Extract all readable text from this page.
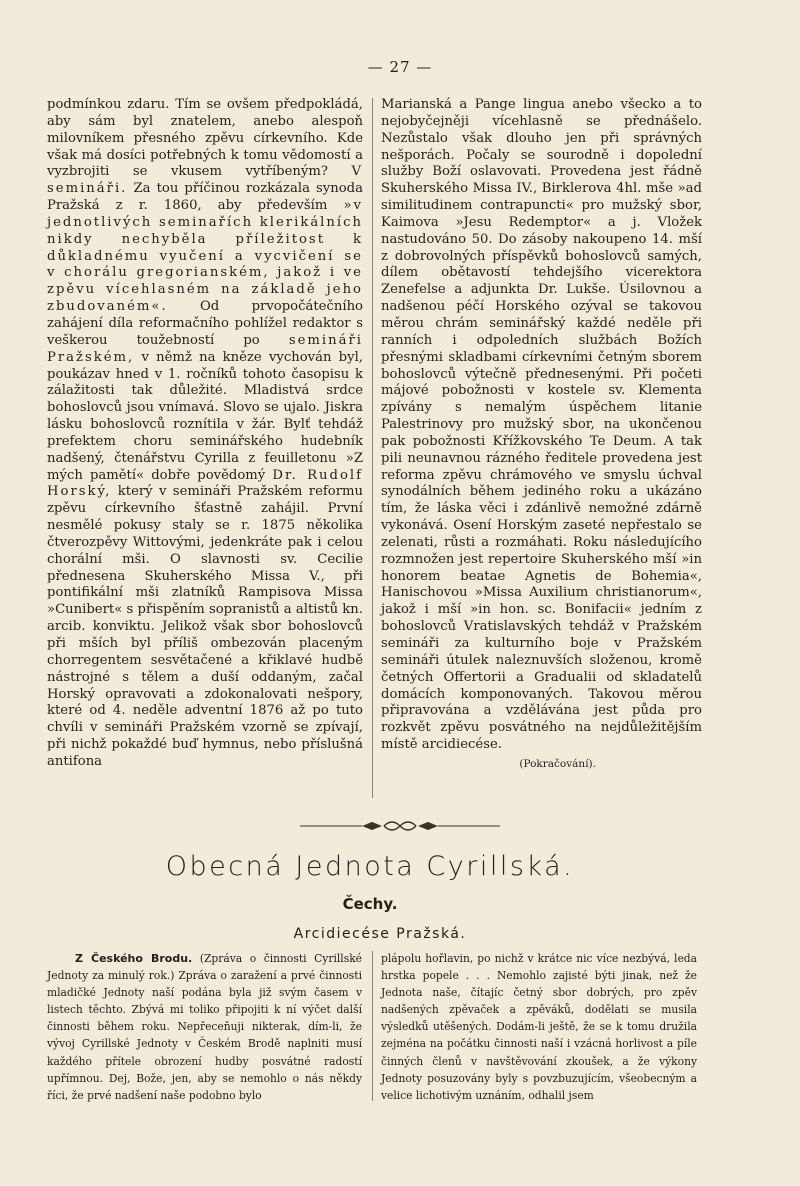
— 27 —

podmínkou zdaru. Tím se ovšem předpokládá, aby sám byl znatelem, anebo alespoň milovníkem přesného zpěvu církevního. Kde však má dosíci potřebných k tomu vědomostí a vyzbrojiti se vkusem vytříbeným? V semináři. Za tou příčinou rozkázala synoda Pražská z r. 1860, aby především »v jednotlivých seminařích klerikálních nikdy nechyběla příležitost k důkladnému vyučení a vycvičení se v chorálu gregorianském, jakož i ve zpěvu vícehlasném na základě jeho zbudovaném«. Od prvopočátečního zahájení díla reformačního pohlížel redaktor s veškerou toužebností po semináři Pražském, v němž na kněze vychován byl, poukázav hned v 1. ročníků tohoto časopisu k zálažitosti tak důležité. Mladistvá srdce bohoslovců jsou vnímavá. Slovo se ujalo. Jiskra lásku bohoslovců roznítila v žár. Bylť tehdáž prefektem choru seminářského hudebník nadšený, čtenářstvu Cyrilla z feuilletonu »Z mých pamětí« dobře povědomý Dr. Rudolf Horský, který v semináři Pražském reformu zpěvu církevního šťastně zahájil. První nesmělé pokusy staly se r. 1875 několika čtverozpěvy Wittovými, jedenkráte pak i celou chorální mši. O slavnosti sv. Cecilie přednesena Skuherského Missa V., při pontifikální mši zlatníků Rampisova Missa »Cunibert« s přispěním sopranistů a altistů kn. arcib. konviktu. Jelikož však sbor bohoslovců při mších byl příliš ombezován placeným chorregentem sesvětačené a křiklavé hudbě nástrojné s tělem a duší oddaným, začal Horský opravovati a zdokonalovati nešpory, které od 4. neděle adventní 1876 až po tuto chvíli v semináři Pražském vzorně se zpívají, při nichž pokaždé buď hymnus, nebo příslušná antifona

Marianská a Pange lingua anebo všecko a to nejobyčejněji vícehlasně se přednášelo. Nezůstalo však dlouho jen při správných nešporách. Počaly se sourodně i dopolední služby Boží oslavovati. Provedena jest řádně Skuherského Missa IV., Birklerova 4hl. mše »ad similitudinem contrapuncti« pro mužský sbor, Kaimova »Jesu Redemptor« a j. Vložek nastudováno 50. Do zásoby nakoupeno 14. mší z dobrovolných příspěvků bohoslovců samých, dílem obětavostí tehdejšího vicerektora Zenefelse a adjunkta Dr. Lukše. Úsilovnou a nadšenou péčí Horského ozýval se takovou měrou chrám seminářský každé neděle při ranních i odpoledních službách Božích přesnými skladbami církevními četným sborem bohoslovců výtečně přednesenými. Při početi májové pobožnosti v kostele sv. Klementa zpívány s nemalým úspěchem litanie Palestrinovy pro mužský sbor, na ukončenou pak pobožnosti Křížkovského Te Deum. A tak pili neunavnou rázného ředitele provedena jest reforma zpěvu chrámového ve smyslu úchval synodálních během jediného roku a ukázáno tím, že láska věci i zdánlivě nemožné zdárně vykonává. Osení Horským zaseté nepřestalo se zelenati, růsti a rozmáhati. Roku následujícího rozmnožen jest repertoire Skuherského mší »in honorem beatae Agnetis de Bohemia«, Hanischovou »Missa Auxilium christianorum«, jakož i mší »in hon. sc. Bonifacii« jedním z bohoslovců Vratislavských tehdáž v Pražském semináři za kulturního boje v Pražském semináři útulek naleznuvších složenou, kromě četných Offertorii a Gradualii od skladatelů domácích komponovaných. Takovou měrou připravována a vzdělávána jest půda pro rozkvět zpěvu posvátného na nejdůležitějším místě arcidiecése.

(Pokračování).
Obecná Jednota Cyrillská.
Čechy.
Arcidiecése Pražská.

Z Českého Brodu. (Zpráva o činnosti Cyrillské Jednoty za minulý rok.) Zpráva o zaražení a prvé činnosti mladičké Jednoty naší podána byla již svým časem v listech těchto. Zbývá mi toliko připojiti k ní výčet další činnosti během roku. Nepřeceňuji nikterak, dím-li, že vývoj Cyrillské Jednoty v Českém Brodě naplniti musí každého přítele obrození hudby posvátné radostí upřímnou. Dej, Bože, jen, aby se nemohlo o nás někdy říci, že prvé nadšení naše podobno bylo

plápolu hořlavin, po nichž v krátce nic více nezbývá, leda hrstka popele . . . Nemohlo zajisté býti jinak, než že Jednota naše, čítajíc četný sbor dobrých, pro zpěv nadšených zpěvaček a zpěváků, dodělati se musila výsledků utěšených. Dodám-li ještě, že se k tomu družila zejména na počátku činnosti naší i vzácná horlivost a píle činných členů v navštěvování zkoušek, a že výkony Jednoty posuzovány byly s povzbuzujícím, všeobecným a velice lichotivým uznáním, odhalil jsem
